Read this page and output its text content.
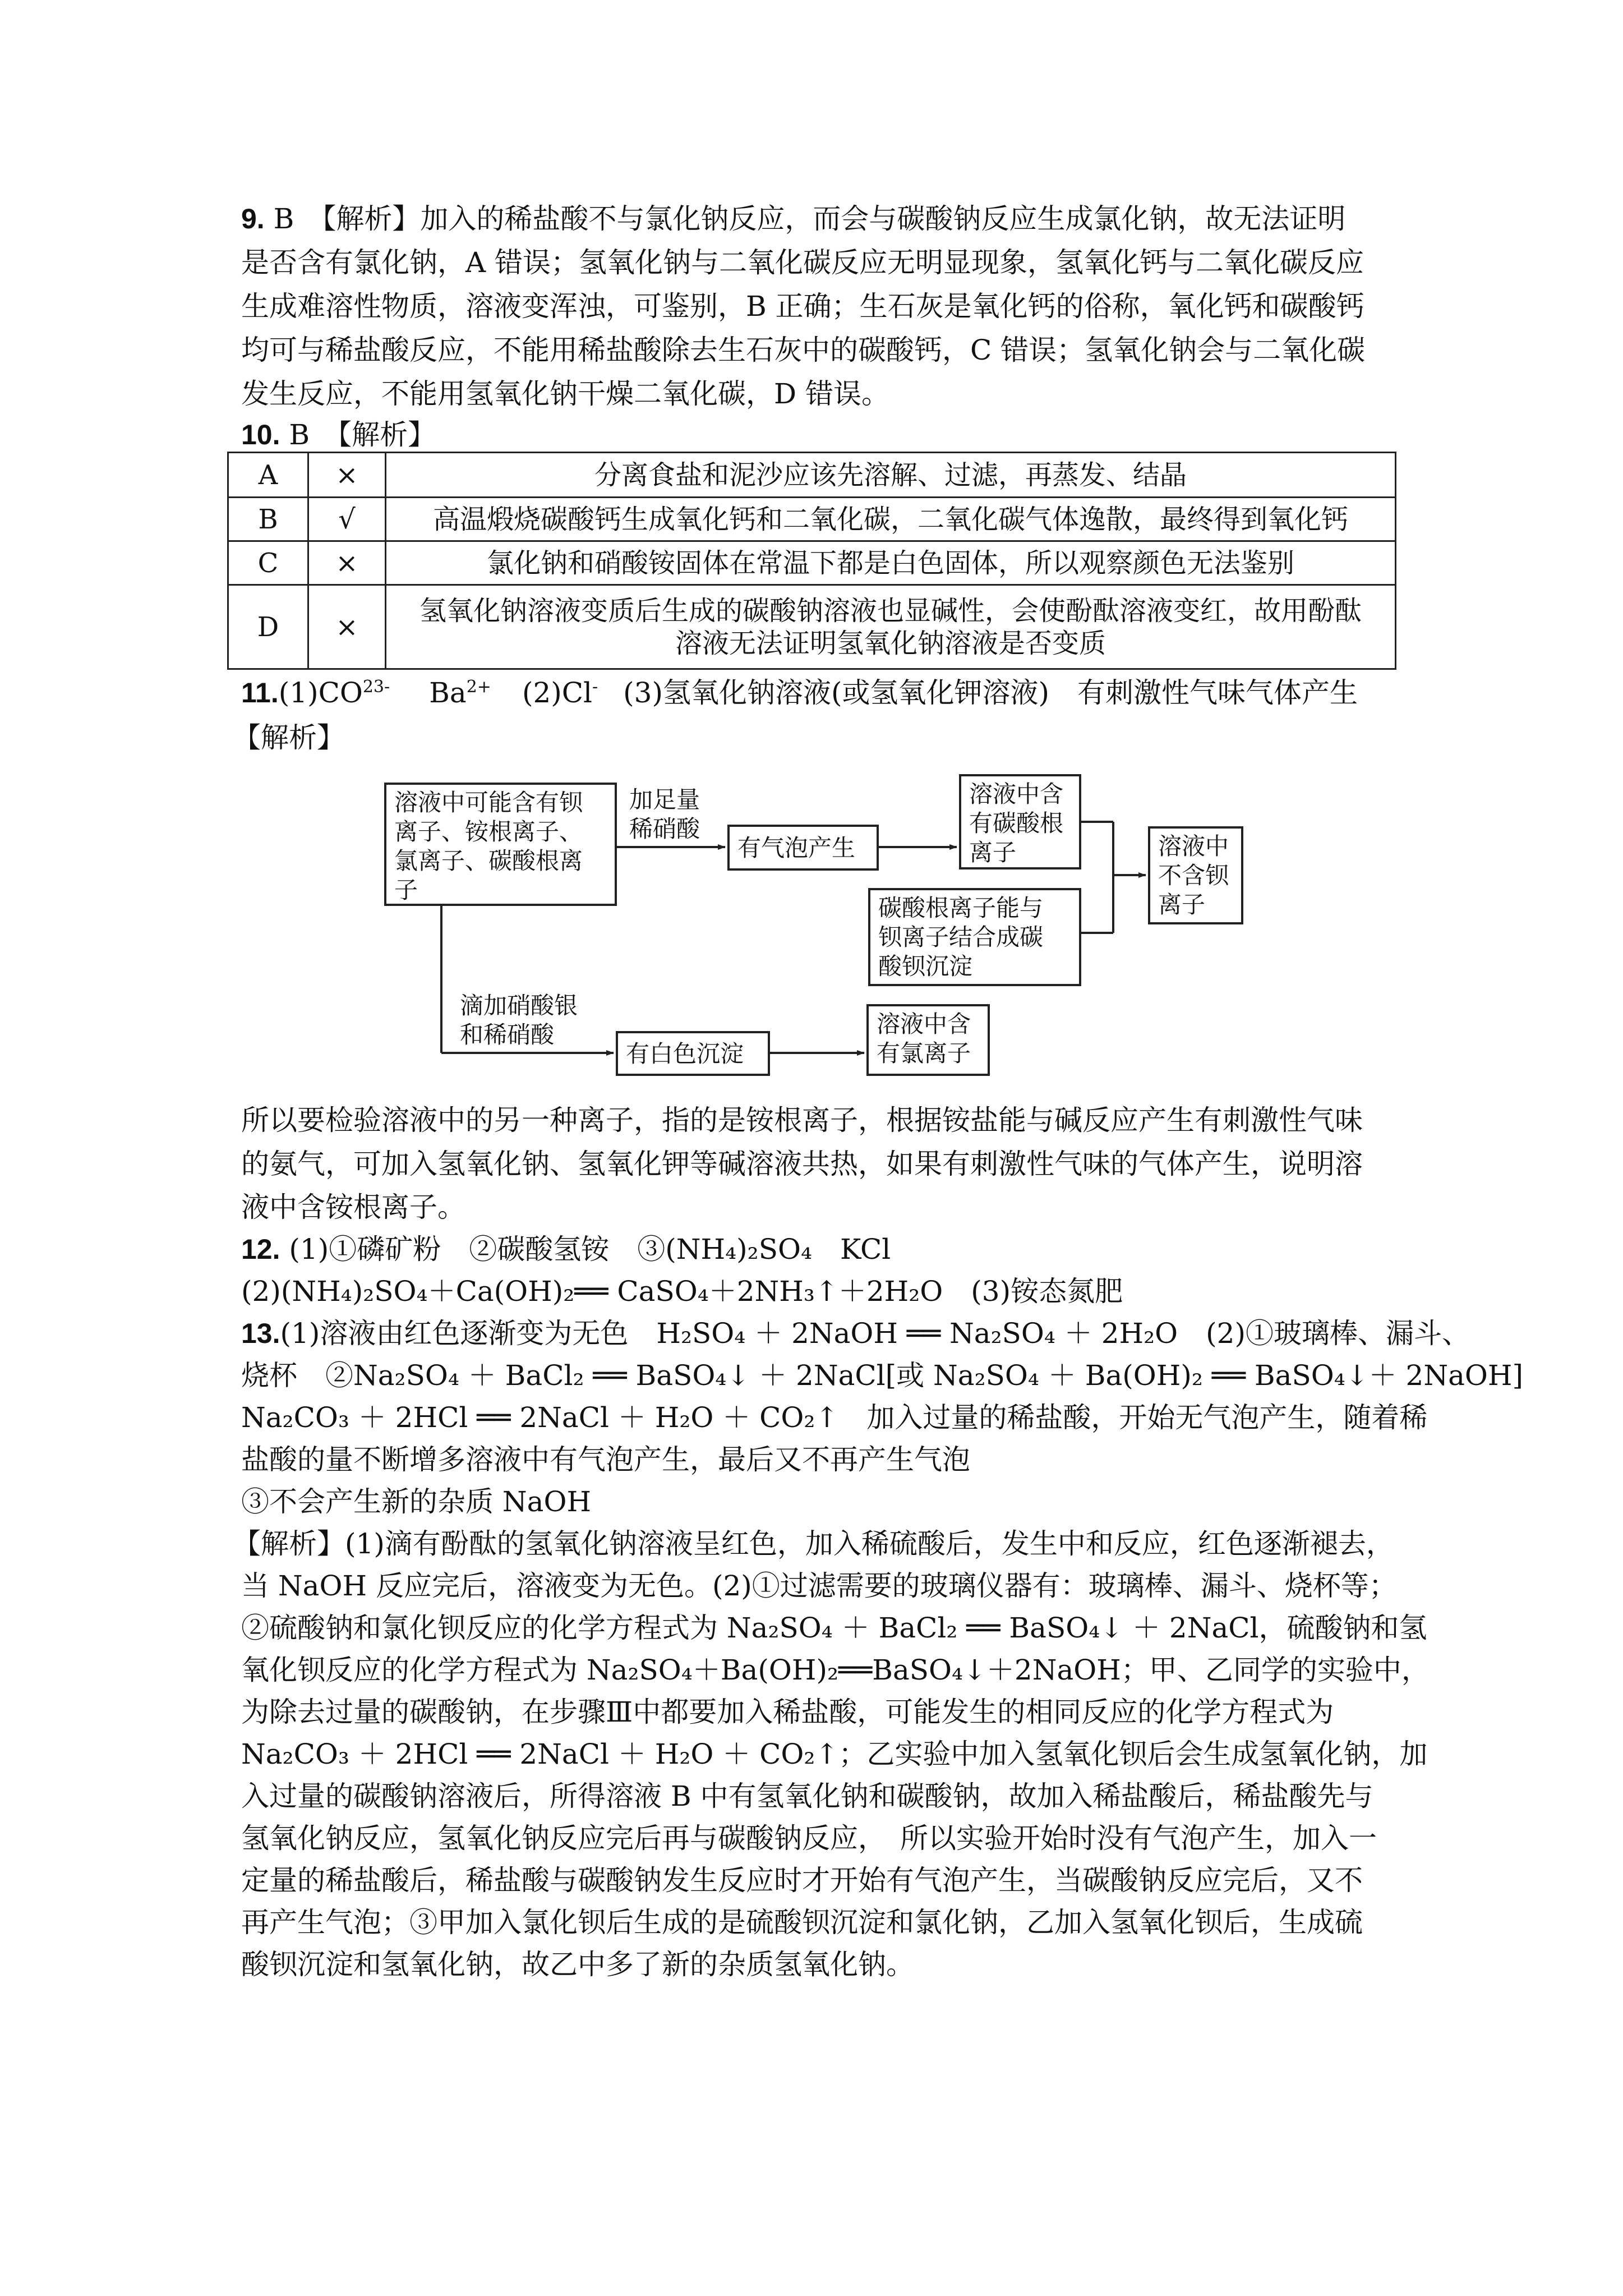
9. B　【解析】加入的稀盐酸不与氯化钠反应，而会与碳酸钠反应生成氯化钠，故无法证明
是否含有氯化钠，A 错误；氢氧化钠与二氧化碳反应无明显现象，氢氧化钙与二氧化碳反应
生成难溶性物质，溶液变浑浊，可鉴别，B 正确；生石灰是氧化钙的俗称，氧化钙和碳酸钙
均可与稀盐酸反应，不能用稀盐酸除去生石灰中的碳酸钙，C 错误；氢氧化钠会与二氧化碳
发生反应，不能用氢氧化钠干燥二氧化碳，D 错误。
10. B　【解析】
A	×	分离食盐和泥沙应该先溶解、过滤，再蒸发、结晶
B	√	高温煅烧碳酸钙生成氧化钙和二氧化碳，二氧化碳气体逸散，最终得到氧化钙
C	×	氯化钠和硝酸铵固体在常温下都是白色固体，所以观察颜色无法鉴别
D	×	氢氧化钠溶液变质后生成的碳酸钠溶液也显碱性，会使酚酞溶液变红，故用酚酞
溶液无法证明氢氧化钠溶液是否变质
$11.(1)CO^{23-}$ $Ba^{2+}$ (2)Cl- (3)氢氧化钠溶液(或氢氧化钾溶液)　有刺激性气味气体产生
【解析】
溶液中可能含有钡
离子、铵根离子、
氯离子、碳酸根离
子
加足量
稀硝酸
有气泡产生
溶液中含
有碳酸根
离子
碳酸根离子能与
钡离子结合成碳
酸钡沉淀
溶液中
不含钡
离子
滴加硝酸银
和稀硝酸
有白色沉淀
溶液中含
有氯离子
所以要检验溶液中的另一种离子，指的是铵根离子，根据铵盐能与碱反应产生有刺激性气味
的氨气，可加入氢氧化钠、氢氧化钾等碱溶液共热，如果有刺激性气味的气体产生，说明溶
液中含铵根离子。
12. (1)①磷矿粉　②碳酸氢铵　③(NH₄)₂SO₄　KCl
(2)(NH₄)₂SO₄＋Ca(OH)₂══ CaSO₄＋2NH₃↑＋2H₂O　(3)铵态氮肥
13.(1)溶液由红色逐渐变为无色　H₂SO₄ ＋ 2NaOH ══ Na₂SO₄ ＋ 2H₂O　(2)①玻璃棒、漏斗、
烧杯　②Na₂SO₄ ＋ BaCl₂ ══ BaSO₄↓ ＋ 2NaCl[或 Na₂SO₄ ＋ Ba(OH)₂ ══ BaSO₄↓＋ 2NaOH]
Na₂CO₃ ＋ 2HCl ══ 2NaCl ＋ H₂O ＋ CO₂↑　加入过量的稀盐酸，开始无气泡产生，随着稀
盐酸的量不断增多溶液中有气泡产生，最后又不再产生气泡
③不会产生新的杂质 NaOH
【解析】(1)滴有酚酞的氢氧化钠溶液呈红色，加入稀硫酸后，发生中和反应，红色逐渐褪去，
当 NaOH 反应完后，溶液变为无色。(2)①过滤需要的玻璃仪器有：玻璃棒、漏斗、烧杯等；
②硫酸钠和氯化钡反应的化学方程式为 Na₂SO₄ ＋ BaCl₂ ══ BaSO₄↓ ＋ 2NaCl，硫酸钠和氢
氧化钡反应的化学方程式为 Na₂SO₄＋Ba(OH)₂══BaSO₄↓＋2NaOH；甲、乙同学的实验中，
为除去过量的碳酸钠，在步骤Ⅲ中都要加入稀盐酸，可能发生的相同反应的化学方程式为
Na₂CO₃ ＋ 2HCl ══ 2NaCl ＋ H₂O ＋ CO₂↑；乙实验中加入氢氧化钡后会生成氢氧化钠，加
入过量的碳酸钠溶液后，所得溶液 B 中有氢氧化钠和碳酸钠，故加入稀盐酸后，稀盐酸先与
氢氧化钠反应，氢氧化钠反应完后再与碳酸钠反应，　所以实验开始时没有气泡产生，加入一
定量的稀盐酸后，稀盐酸与碳酸钠发生反应时才开始有气泡产生，当碳酸钠反应完后，又不
再产生气泡；③甲加入氯化钡后生成的是硫酸钡沉淀和氯化钠，乙加入氢氧化钡后，生成硫
酸钡沉淀和氢氧化钠，故乙中多了新的杂质氢氧化钠。
